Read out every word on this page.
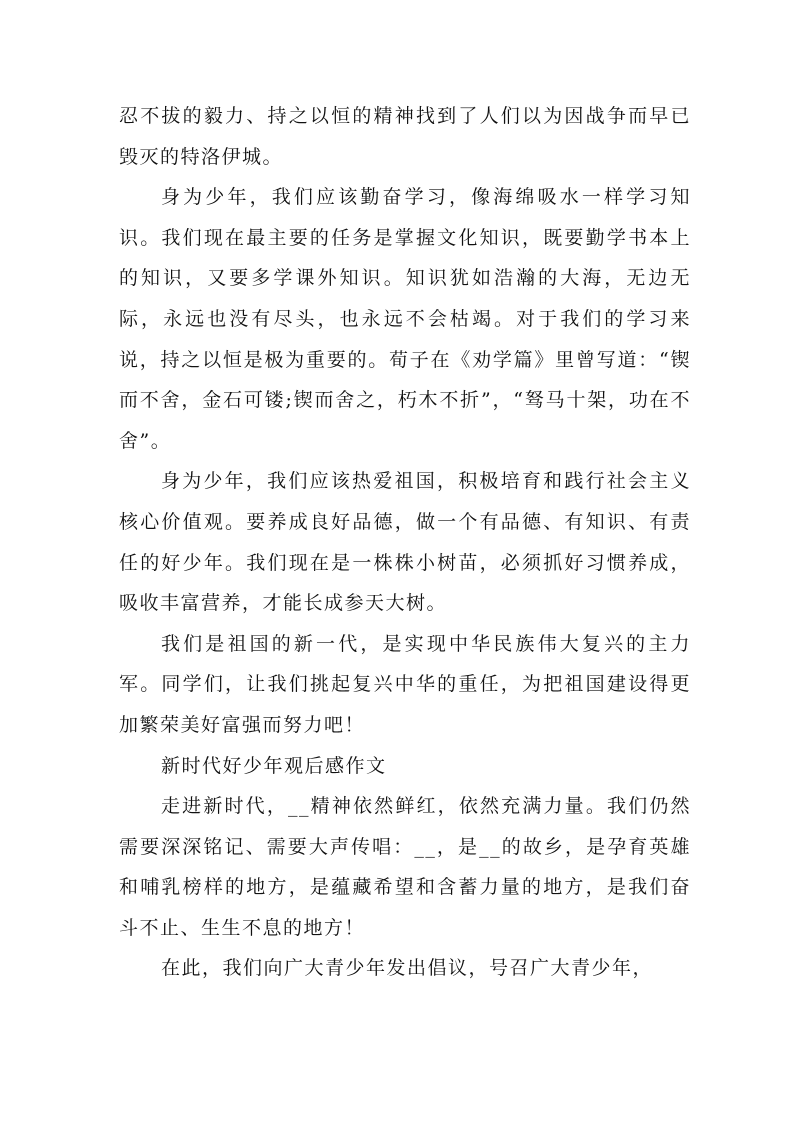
忍不拔的毅力、持之以恒的精神找到了人们以为因战争而早已毁灭的特洛伊城。

身为少年，我们应该勤奋学习，像海绵吸水一样学习知识。我们现在最主要的任务是掌握文化知识，既要勤学书本上的知识，又要多学课外知识。知识犹如浩瀚的大海，无边无际，永远也没有尽头，也永远不会枯竭。对于我们的学习来说，持之以恒是极为重要的。荀子在《劝学篇》里曾写道：“锲而不舍，金石可镂;锲而舍之，朽木不折”，“驽马十架，功在不舍”。

身为少年，我们应该热爱祖国，积极培育和践行社会主义核心价值观。要养成良好品德，做一个有品德、有知识、有责任的好少年。我们现在是一株株小树苗，必须抓好习惯养成，吸收丰富营养，才能长成参天大树。

我们是祖国的新一代，是实现中华民族伟大复兴的主力军。同学们，让我们挑起复兴中华的重任，为把祖国建设得更加繁荣美好富强而努力吧！

新时代好少年观后感作文

走进新时代，__精神依然鲜红，依然充满力量。我们仍然需要深深铭记、需要大声传唱：__，是__的故乡，是孕育英雄和哺乳榜样的地方，是蕴藏希望和含蓄力量的地方，是我们奋斗不止、生生不息的地方！

在此，我们向广大青少年发出倡议，号召广大青少年，
